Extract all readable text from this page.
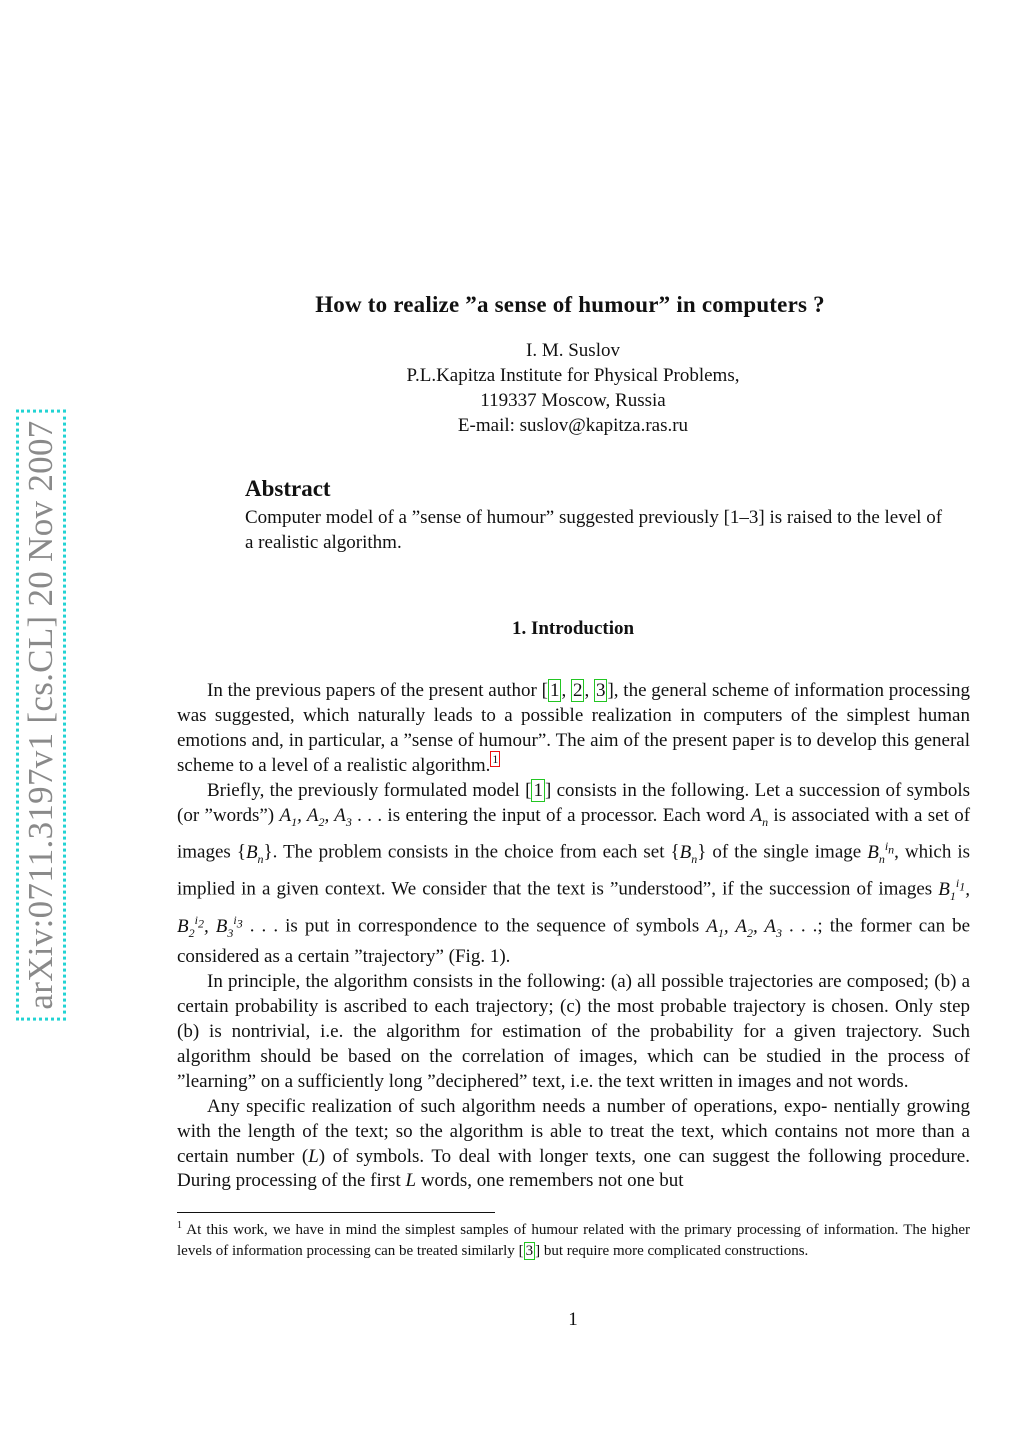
arXiv:0711.3197v1 [cs.CL] 20 Nov 2007
How to realize ”a sense of humour” in computers ?
I. M. Suslov
P.L.Kapitza Institute for Physical Problems,
119337 Moscow, Russia
E-mail: suslov@kapitza.ras.ru
Abstract
Computer model of a ”sense of humour” suggested previously [1–3] is raised to the level of a realistic algorithm.
1. Introduction

In the previous papers of the present author [ 1 , 2 , 3 ], the general scheme of information processing was suggested, which naturally leads to a possible realization in computers of the simplest human emotions and, in particular, a ”sense of humour”. The aim of the present paper is to develop this general scheme to a level of a realistic algorithm. $^1$

Briefly, the previously formulated model [ 1 ] consists in the following. Let a succession of symbols (or ”words”) $A_1$, $A_2$, $A_3$ . . . is entering the input of a processor. Each word $A_n$ is associated with a set of images $\{B_n\}$. The problem consists in the choice from each set $\{B_n\}$ of the single image $B_n^{i_n}$, which is implied in a given context. We consider that the text is ”understood”, if the succession of images $B_1^{i_1}$, $B_2^{i_2}$, $B_3^{i_3}$ . . . is put in correspondence to the sequence of symbols $A_1$, $A_2$, $A_3$ . . .; the former can be considered as a certain ”trajectory” (Fig. 1).

In principle, the algorithm consists in the following: (a) all possible trajectories are composed; (b) a certain probability is ascribed to each trajectory; (c) the most probable trajectory is chosen. Only step (b) is nontrivial, i.e. the algorithm for estimation of the probability for a given trajectory. Such algorithm should be based on the correlation of images, which can be studied in the process of ”learning” on a sufficiently long ”deciphered” text, i.e. the text written in images and not words.

Any specific realization of such algorithm needs a number of operations, expo- nentially growing with the length of the text; so the algorithm is able to treat the text, which contains not more than a certain number (L) of symbols. To deal with longer texts, one can suggest the following procedure. During processing of the first L words, one remembers not one but

$^1$ At this work, we have in mind the simplest samples of humour related with the primary processing of information. The higher levels of information processing can be treated similarly [ 3 ] but require more complicated constructions.
1
